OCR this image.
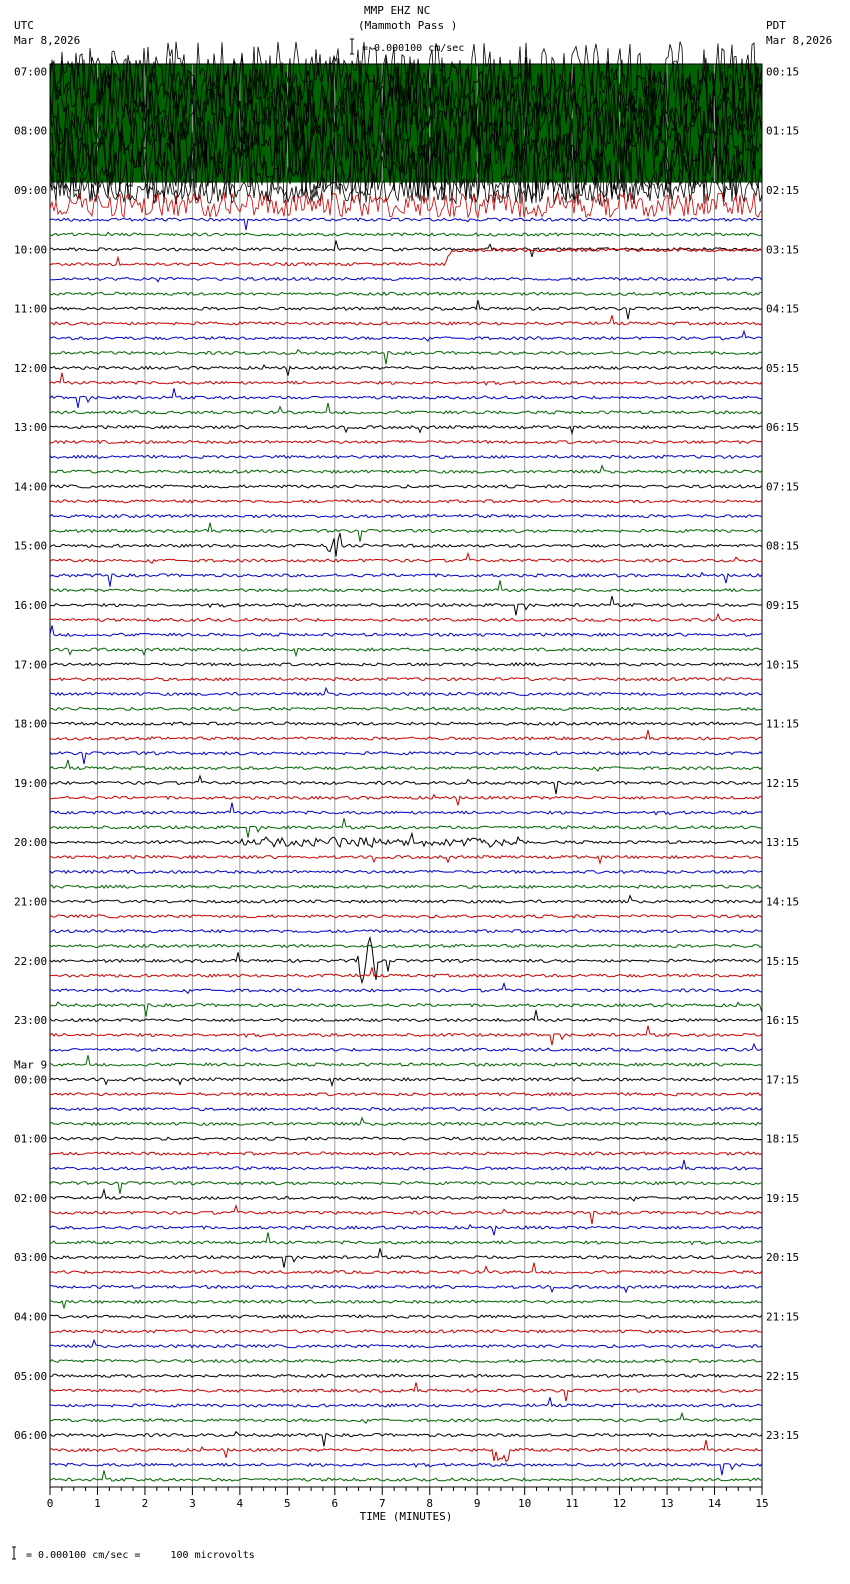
MMP EHZ NC
(Mammoth Pass )
= 0.000100 cm/sec
UTC
Mar 8,2026
PDT
Mar 8,2026
= 0.000100 cm/sec =     100 microvolts
0	1	2	3	4	5	6	7	8	9	10	11	12	13	14	15
TIME (MINUTES)
07:00
08:00
09:00
10:00
11:00
12:00
13:00
14:00
15:00
16:00
17:00
18:00
19:00
20:00
21:00
22:00
23:00
00:00
Mar 9
01:00
02:00
03:00
04:00
05:00
06:00
00:15
01:15
02:15
03:15
04:15
05:15
06:15
07:15
08:15
09:15
10:15
11:15
12:15
13:15
14:15
15:15
16:15
17:15
18:15
19:15
20:15
21:15
22:15
23:15
